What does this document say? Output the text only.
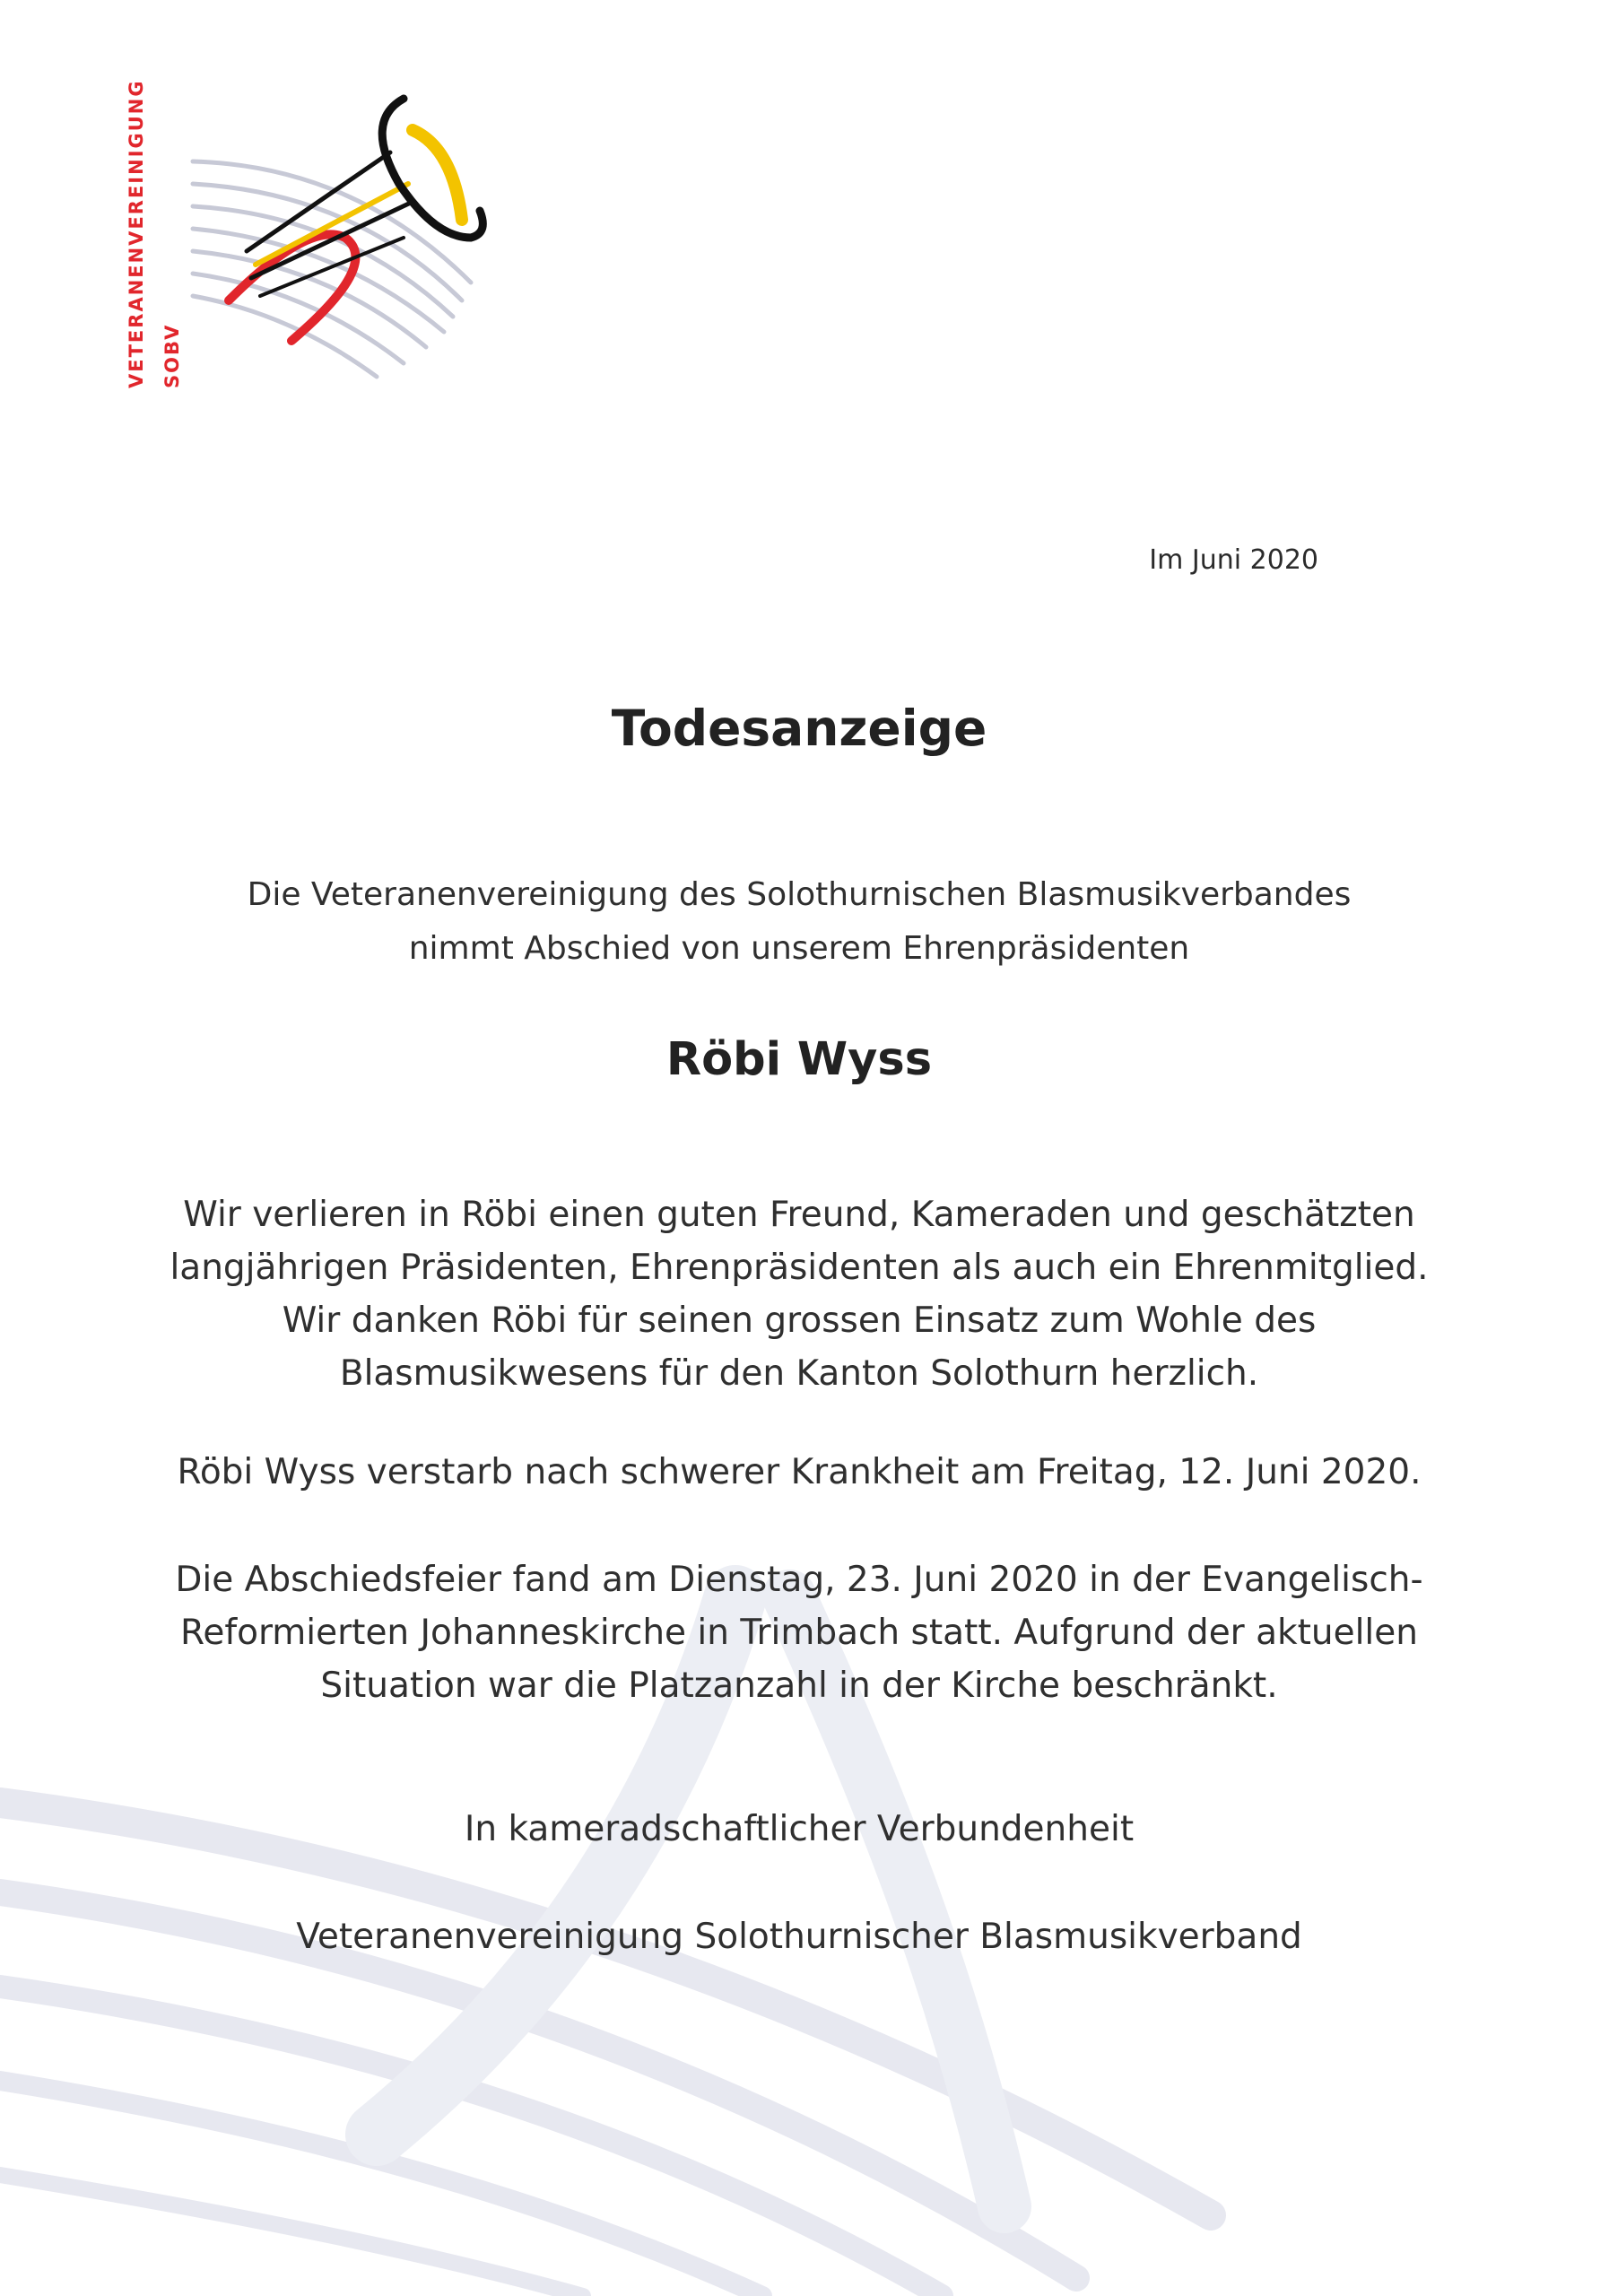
VETERANENVEREINIGUNG SOBV
Im Juni 2020
Todesanzeige
Die Veteranenvereinigung des Solothurnischen Blasmusikverbandes
nimmt Abschied von unserem Ehrenpräsidenten
Röbi Wyss
Wir verlieren in Röbi einen guten Freund, Kameraden und geschätzten
langjährigen Präsidenten, Ehrenpräsidenten als auch ein Ehrenmitglied.
Wir danken Röbi für seinen grossen Einsatz zum Wohle des
Blasmusikwesens für den Kanton Solothurn herzlich.
Röbi Wyss verstarb nach schwerer Krankheit am Freitag, 12. Juni 2020.
Die Abschiedsfeier fand am Dienstag, 23. Juni 2020 in der Evangelisch-
Reformierten Johanneskirche in Trimbach statt. Aufgrund der aktuellen
Situation war die Platzanzahl in der Kirche beschränkt.
In kameradschaftlicher Verbundenheit
Veteranenvereinigung Solothurnischer Blasmusikverband
